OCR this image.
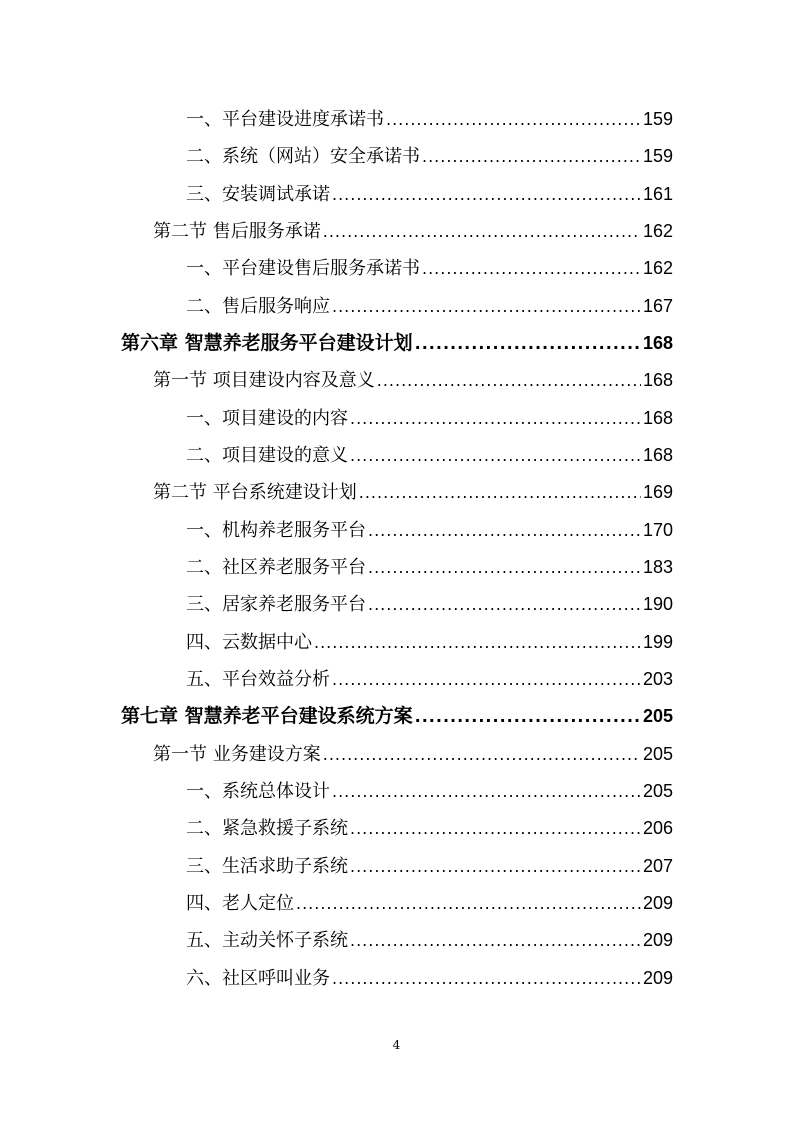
一、平台建设进度承诺书 .....	159
二、系统（网站）安全承诺书 .....	159
三、安装调试承诺 .....	161
第二节 售后服务承诺 .....	162
一、平台建设售后服务承诺书 .....	162
二、售后服务响应 .....	167
第六章 智慧养老服务平台建设计划 .....	168
第一节 项目建设内容及意义 .....	168
一、项目建设的内容 .....	168
二、项目建设的意义 .....	168
第二节 平台系统建设计划 .....	169
一、机构养老服务平台 .....	170
二、社区养老服务平台 .....	183
三、居家养老服务平台 .....	190
四、云数据中心 .....	199
五、平台效益分析 .....	203
第七章 智慧养老平台建设系统方案 .....	205
第一节 业务建设方案 .....	205
一、系统总体设计 .....	205
二、紧急救援子系统 .....	206
三、生活求助子系统 .....	207
四、老人定位 .....	209
五、主动关怀子系统 .....	209
六、社区呼叫业务 .....	209
4
